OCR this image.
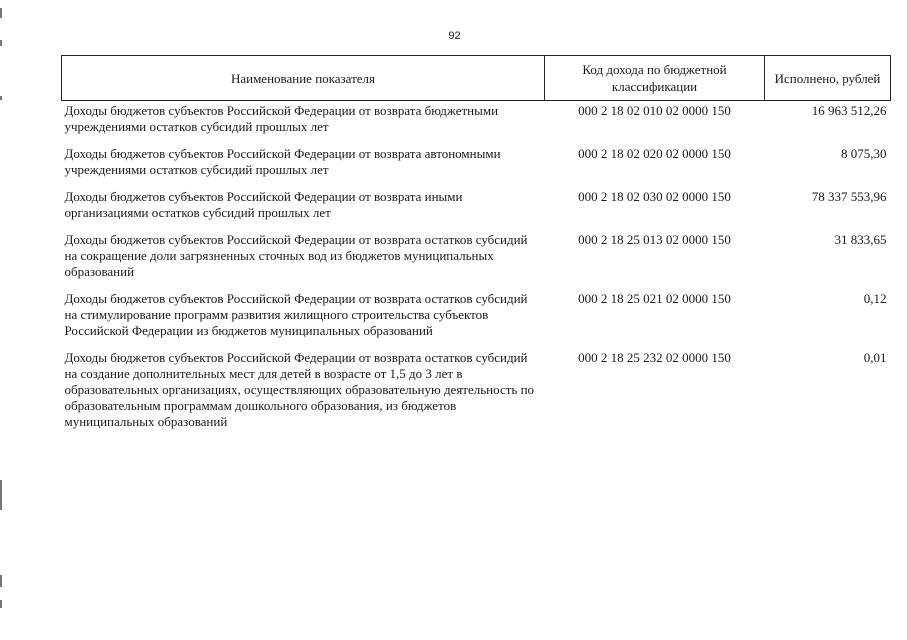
92
Наименование показателя	Код дохода по бюджетной классификации	Исполнено, рублей
Доходы бюджетов субъектов Российской Федерации от возврата бюджетными учреждениями остатков субсидий прошлых лет	000 2 18 02 010 02 0000 150	16 963 512,26
Доходы бюджетов субъектов Российской Федерации от возврата автономными учреждениями остатков субсидий прошлых лет	000 2 18 02 020 02 0000 150	8 075,30
Доходы бюджетов субъектов Российской Федерации от возврата иными организациями остатков субсидий прошлых лет	000 2 18 02 030 02 0000 150	78 337 553,96
Доходы бюджетов субъектов Российской Федерации от возврата остатков субсидий на сокращение доли загрязненных сточных вод из бюджетов муниципальных образований	000 2 18 25 013 02 0000 150	31 833,65
Доходы бюджетов субъектов Российской Федерации от возврата остатков субсидий на стимулирование программ развития жилищного строительства субъектов Российской Федерации из бюджетов муниципальных образований	000 2 18 25 021 02 0000 150	0,12
Доходы бюджетов субъектов Российской Федерации от возврата остатков субсидий на создание дополнительных мест для детей в возрасте от 1,5 до 3 лет в образовательных организациях, осуществляющих образовательную деятельность по образовательным программам дошкольного образования, из бюджетов муниципальных образований	000 2 18 25 232 02 0000 150	0,01
